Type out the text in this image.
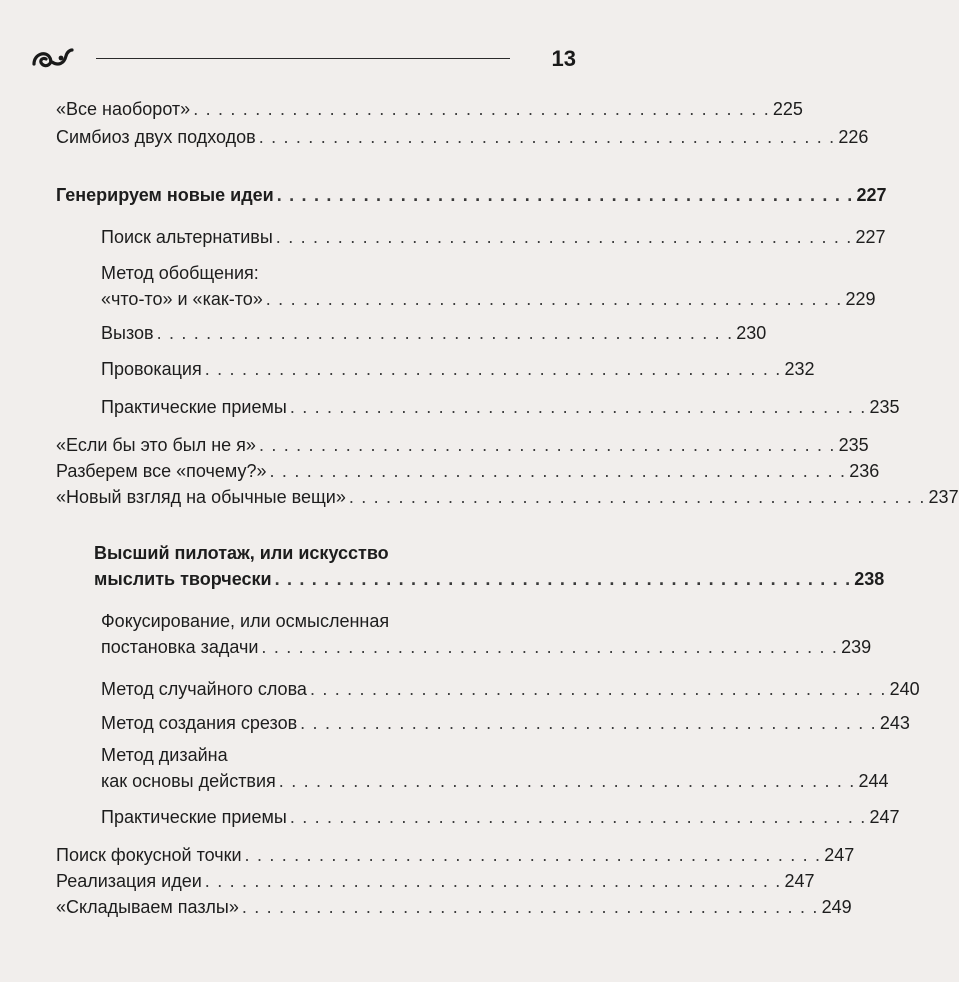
13
«Все наоборот» . . . . . . . . . . . . . . . . . . . . . . . . . . . . . . . . . . . . . . . . . . . . . . . 225
Симбиоз двух подходов . . . . . . . . . . . . . . . . . . . . . . . . . . . . . . . . . . . . . . . . . . . . . . . 226
Генерируем новые идеи . . . . . . . . . . . . . . . . . . . . . . . . . . . . . . . . . . . . . . . . . . . . . . . 227
Поиск альтернативы . . . . . . . . . . . . . . . . . . . . . . . . . . . . . . . . . . . . . . . . . . . . . . . 227
Метод обобщения:
«что-то» и «как-то» . . . . . . . . . . . . . . . . . . . . . . . . . . . . . . . . . . . . . . . . . . . . . . . 229
Вызов . . . . . . . . . . . . . . . . . . . . . . . . . . . . . . . . . . . . . . . . . . . . . . . 230
Провокация . . . . . . . . . . . . . . . . . . . . . . . . . . . . . . . . . . . . . . . . . . . . . . . 232
Практические приемы . . . . . . . . . . . . . . . . . . . . . . . . . . . . . . . . . . . . . . . . . . . . . . . 235
«Если бы это был не я» . . . . . . . . . . . . . . . . . . . . . . . . . . . . . . . . . . . . . . . . . . . . . . . 235
Разберем все «почему?» . . . . . . . . . . . . . . . . . . . . . . . . . . . . . . . . . . . . . . . . . . . . . . . 236
«Новый взгляд на обычные вещи» . . . . . . . . . . . . . . . . . . . . . . . . . . . . . . . . . . . . . . . . . . . . . . . 237
Высший пилотаж, или искусство
мыслить творчески . . . . . . . . . . . . . . . . . . . . . . . . . . . . . . . . . . . . . . . . . . . . . . . 238
Фокусирование, или осмысленная
постановка задачи . . . . . . . . . . . . . . . . . . . . . . . . . . . . . . . . . . . . . . . . . . . . . . . 239
Метод случайного слова . . . . . . . . . . . . . . . . . . . . . . . . . . . . . . . . . . . . . . . . . . . . . . . 240
Метод создания срезов . . . . . . . . . . . . . . . . . . . . . . . . . . . . . . . . . . . . . . . . . . . . . . . 243
Метод дизайна
как основы действия . . . . . . . . . . . . . . . . . . . . . . . . . . . . . . . . . . . . . . . . . . . . . . . 244
Практические приемы . . . . . . . . . . . . . . . . . . . . . . . . . . . . . . . . . . . . . . . . . . . . . . . 247
Поиск фокусной точки . . . . . . . . . . . . . . . . . . . . . . . . . . . . . . . . . . . . . . . . . . . . . . . 247
Реализация идеи . . . . . . . . . . . . . . . . . . . . . . . . . . . . . . . . . . . . . . . . . . . . . . . 247
«Складываем пазлы» . . . . . . . . . . . . . . . . . . . . . . . . . . . . . . . . . . . . . . . . . . . . . . . 249
